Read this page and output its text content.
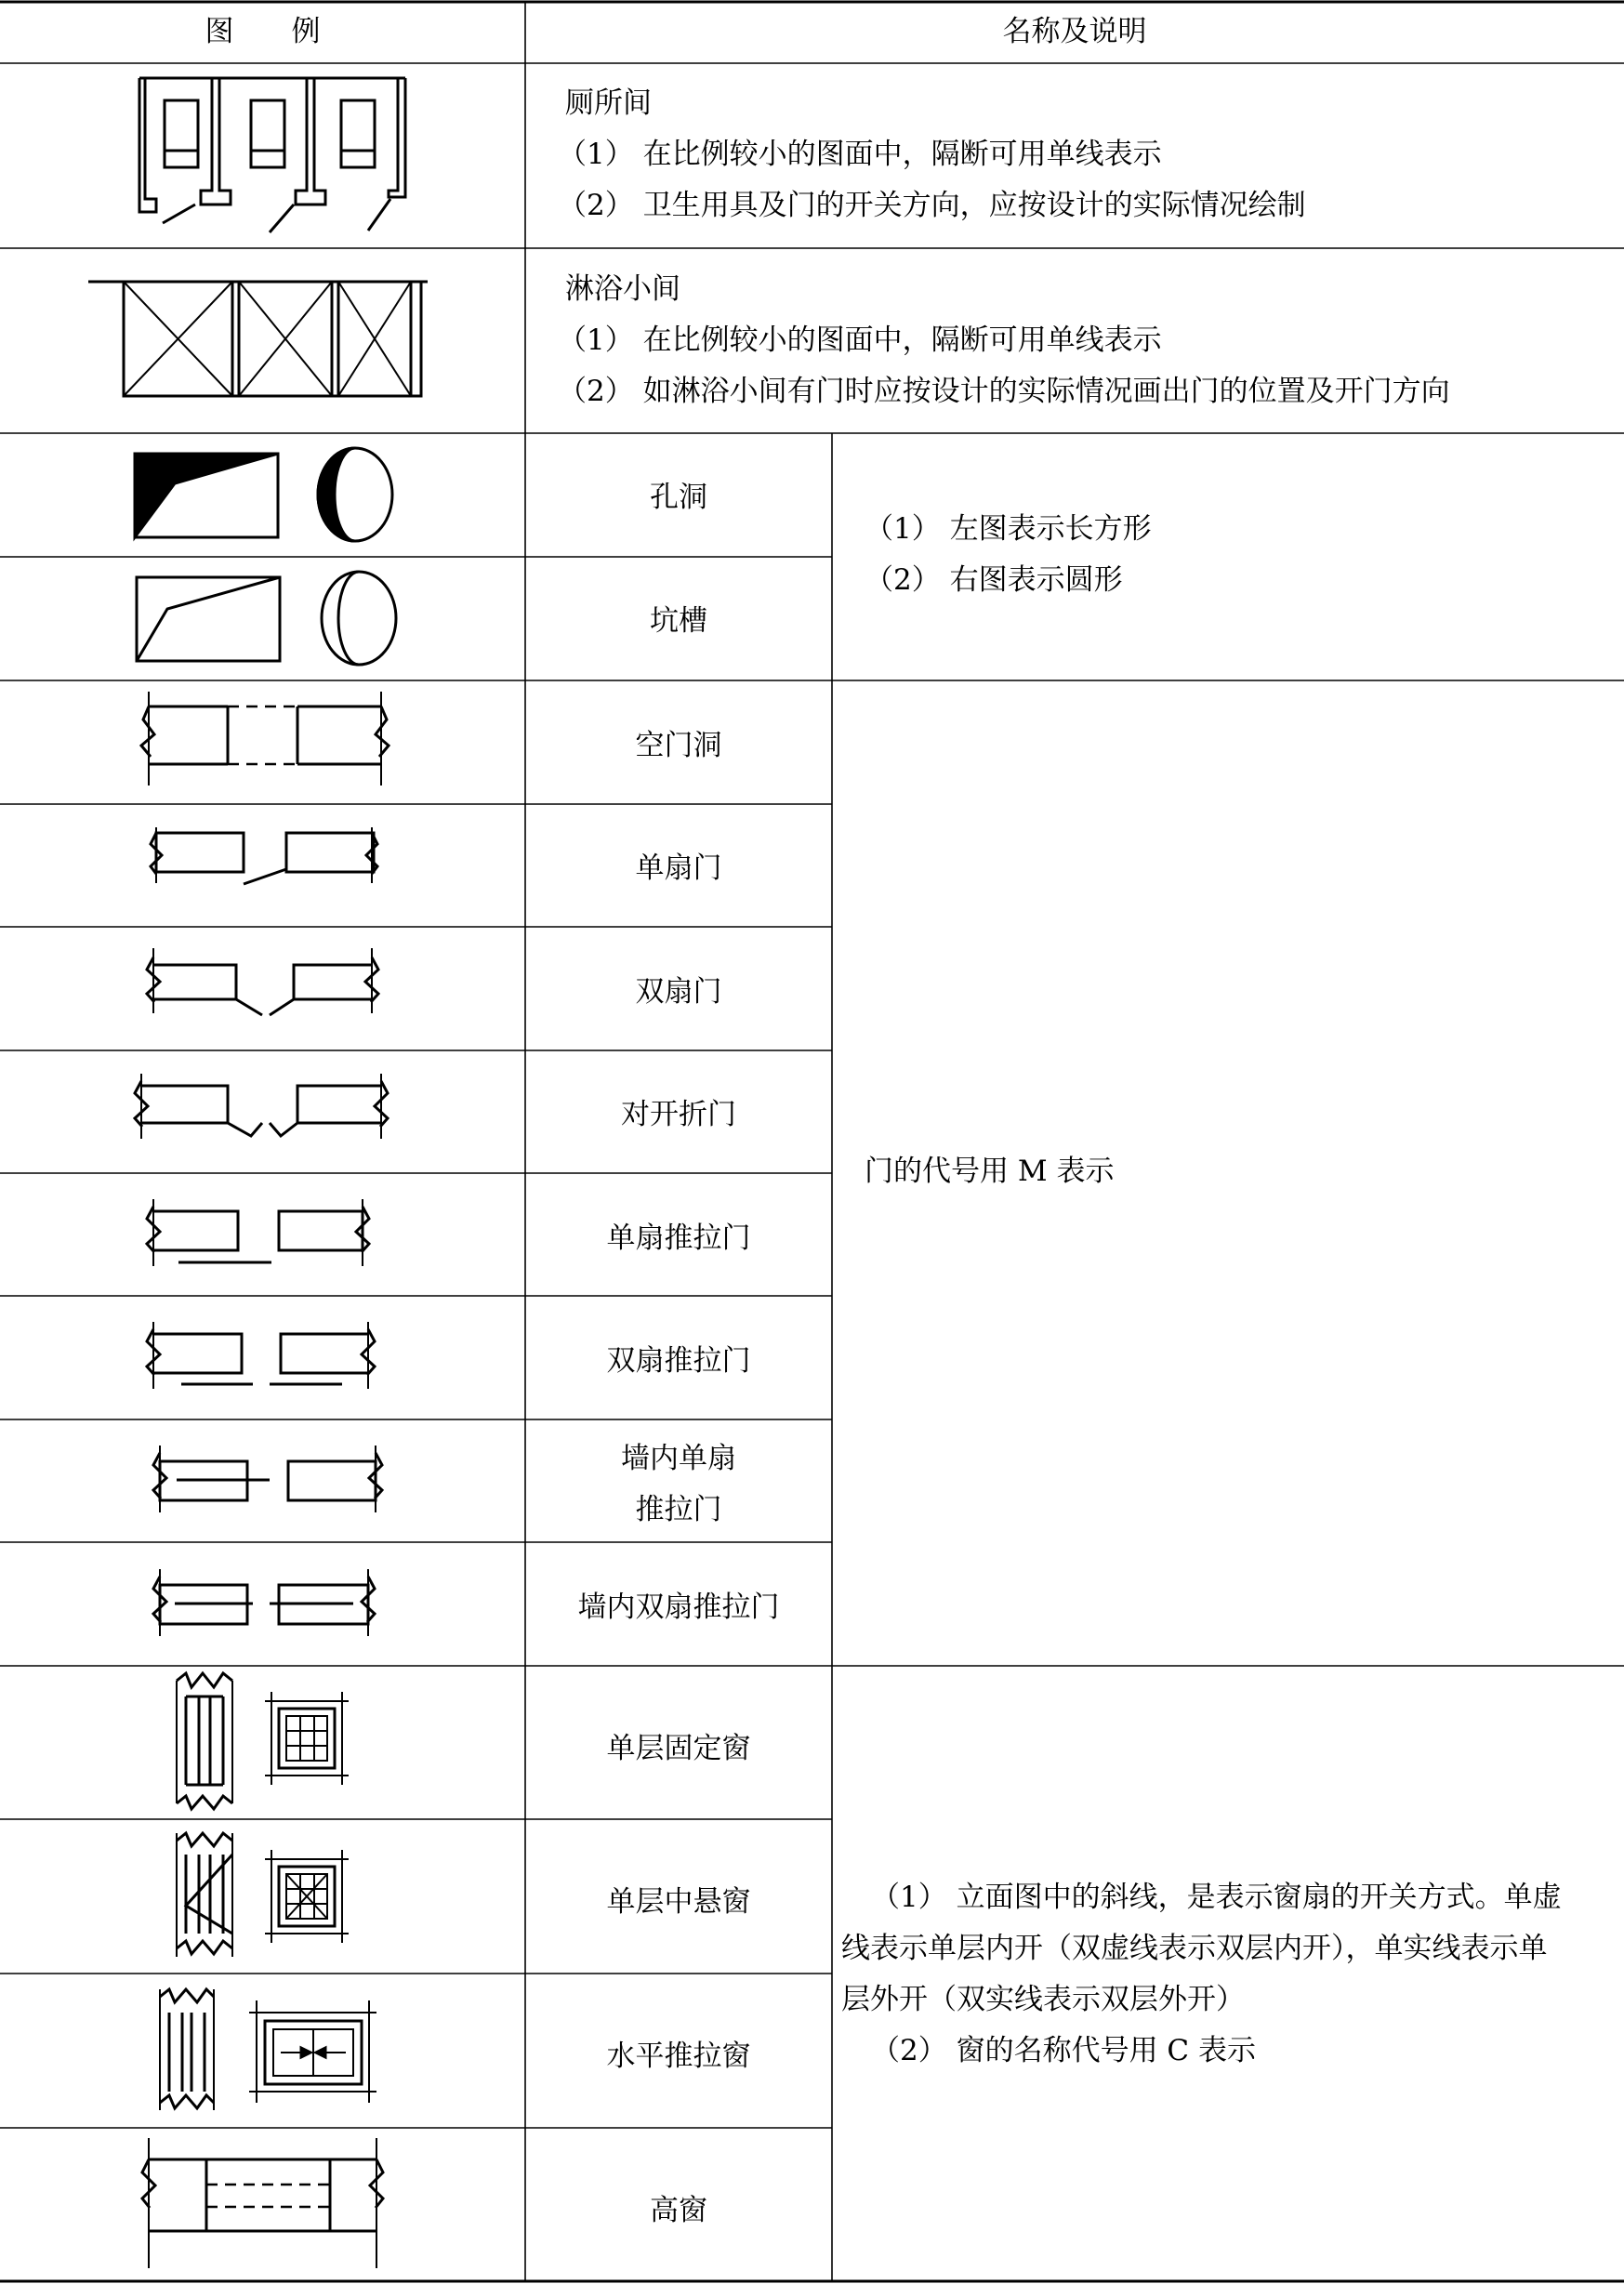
图　　例	名称及说明
厕所间
（1） 在比例较小的图面中，隔断可用单线表示
（2） 卫生用具及门的开关方向，应按设计的实际情况绘制
淋浴小间
（1） 在比例较小的图面中，隔断可用单线表示
（2） 如淋浴小间有门时应按设计的实际情况画出门的位置及开门方向
孔洞
坑槽
（1） 左图表示长方形
（2） 右图表示圆形
空门洞
单扇门
双扇门
对开折门
单扇推拉门
双扇推拉门
墙内单扇
推拉门
墙内双扇推拉门
门的代号用 M 表示
单层固定窗
单层中悬窗
水平推拉窗
高窗
（1） 立面图中的斜线，是表示窗扇的开关方式。单虚
线表示单层内开（双虚线表示双层内开），单实线表示单
层外开（双实线表示双层外开）
（2） 窗的名称代号用 C 表示
